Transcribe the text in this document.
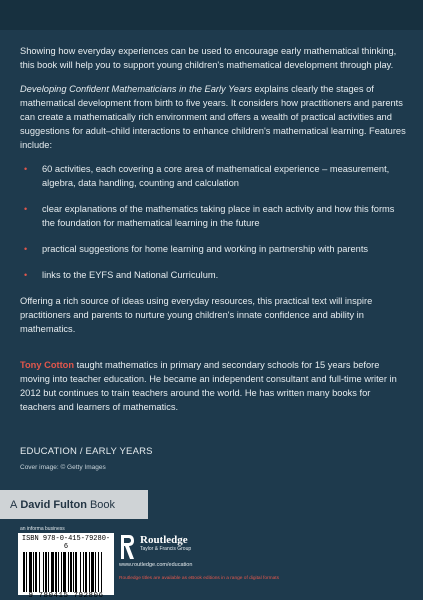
Showing how everyday experiences can be used to encourage early mathematical thinking, this book will help you to support young children's mathematical development through play.

Developing Confident Mathematicians in the Early Years explains clearly the stages of mathematical development from birth to five years. It considers how practitioners and parents can create a mathematically rich environment and offers a wealth of practical activities and suggestions for adult–child interactions to enhance children's mathematical learning. Features include:

• 60 activities, each covering a core area of mathematical experience – measurement, algebra, data handling, counting and calculation
• clear explanations of the mathematics taking place in each activity and how this forms the foundation for mathematical learning in the future
• practical suggestions for home learning and working in partnership with parents
• links to the EYFS and National Curriculum.

Offering a rich source of ideas using everyday resources, this practical text will inspire practitioners and parents to nurture young children's innate confidence and ability in mathematics.

Tony Cotton taught mathematics in primary and secondary schools for 15 years before moving into teacher education. He became an independent consultant and full-time writer in 2012 but continues to train teachers around the world. He has written many books for teachers and learners of mathematics.

EDUCATION / EARLY YEARS
Cover image: © Getty Images
A David Fulton Book
an informa business
ISBN 978-0-415-79280-6
9 780415 792806
Routledge
Taylor & Francis Group
www.routledge.com/education
Routledge titles are available as eBook editions in a range of digital formats
